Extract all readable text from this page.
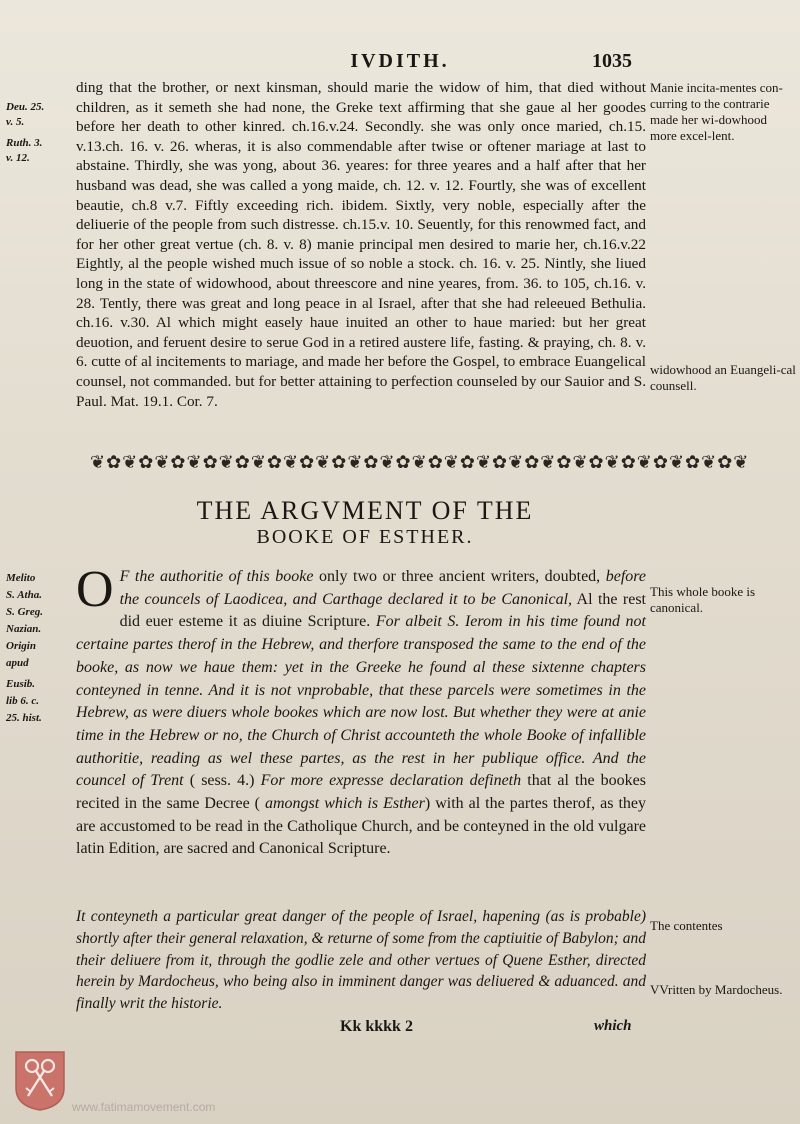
IVDITH.	1035
Deu. 25.
v. 5.
Ruth. 3.
v. 12.

ding that the brother, or next kinsman, should marie the widow of him, that died without children, as it semeth she had none, the Greke text affirming that she gaue al her goodes before her death to other kinred. ch.16.v.24. Secondly. she was only once maried, ch.15. v.13.ch. 16. v. 26. wheras, it is also commendable after twise or oftener mariage at last to abstaine. Thirdly, she was yong, about 36. yeares: for three yeares and a half after that her husband was dead, she was called a yong maide, ch. 12. v. 12. Fourtly, she was of excellent beautie, ch.8 v.7. Fiftly exceeding rich. ibidem. Sixtly, very noble, especially after the deliuerie of the people from such distresse. ch.15.v. 10. Seuently, for this renowmed fact, and for her other great vertue (ch. 8. v. 8) manie principal men desired to marie her, ch.16.v.22 Eightly, al the people wished much issue of so noble a stock. ch. 16. v. 25. Nintly, she liued long in the state of widowhood, about threescore and nine yeares, from. 36. to 105, ch.16. v. 28. Tently, there was great and long peace in al Israel, after that she had releeued Bethulia. ch.16. v.30. Al which might easely haue inuited an other to haue maried: but her great deuotion, and feruent desire to serue God in a retired austere life, fasting. & praying, ch. 8. v. 6. cutte of al incitements to mariage, and made her before the Gospel, to embrace Euangelical counsel, not commanded. but for better attaining to perfection counseled by our Sauior and S. Paul. Mat. 19.1. Cor. 7.

Manie incita-mentes con-curring to the contrarie made her wi-dowhood more excel-lent.
widowhood an Euangeli-cal counsell.
❦✿❦✿❦✿❦✿❦✿❦✿❦✿❦✿❦✿❦✿❦✿❦✿❦✿❦✿❦✿❦✿❦✿❦✿❦✿❦✿❦
THE ARGVMENT OF THE
BOOKE OF ESTHER.
Melito
S. Atha.
S. Greg.
Nazian.
Origin
apud
Eusib.
lib 6. c.
25. hist.

O F the authoritie of this booke only two or three ancient writers, doubted, before the councels of Laodicea, and Carthage declared it to be Canonical, Al the rest did euer esteme it as diuine Scripture. For albeit S. Ierom in his time found not certaine partes therof in the Hebrew, and therfore transposed the same to the end of the booke, as now we haue them: yet in the Greeke he found al these sixtenne chapters conteyned in tenne. And it is not vnprobable, that these parcels were sometimes in the Hebrew, as were diuers whole bookes which are now lost. But whether they were at anie time in the Hebrew or no, the Church of Christ accounteth the whole Booke of infallible authoritie, reading as wel these partes, as the rest in her publique office. And the councel of Trent ( sess. 4.) For more expresse declaration defineth that al the bookes recited in the same Decree ( amongst which is Esther) with al the partes therof, as they are accustomed to be read in the Catholique Church, and be conteyned in the old vulgare latin Edition, are sacred and Canonical Scripture.

This whole booke is canonical.
The contentes
VVritten by Mardocheus.

It conteyneth a particular great danger of the people of Israel, hapening (as is probable) shortly after their general relaxation, & returne of some from the captiuitie of Babylon; and their deliuere from it, through the godlie zele and other vertues of Quene Esther, directed herein by Mardocheus, who being also in imminent danger was deliuered & aduanced. and finally writ the historie.

Kk kkkk 2	which
www.fatimamovement.com
